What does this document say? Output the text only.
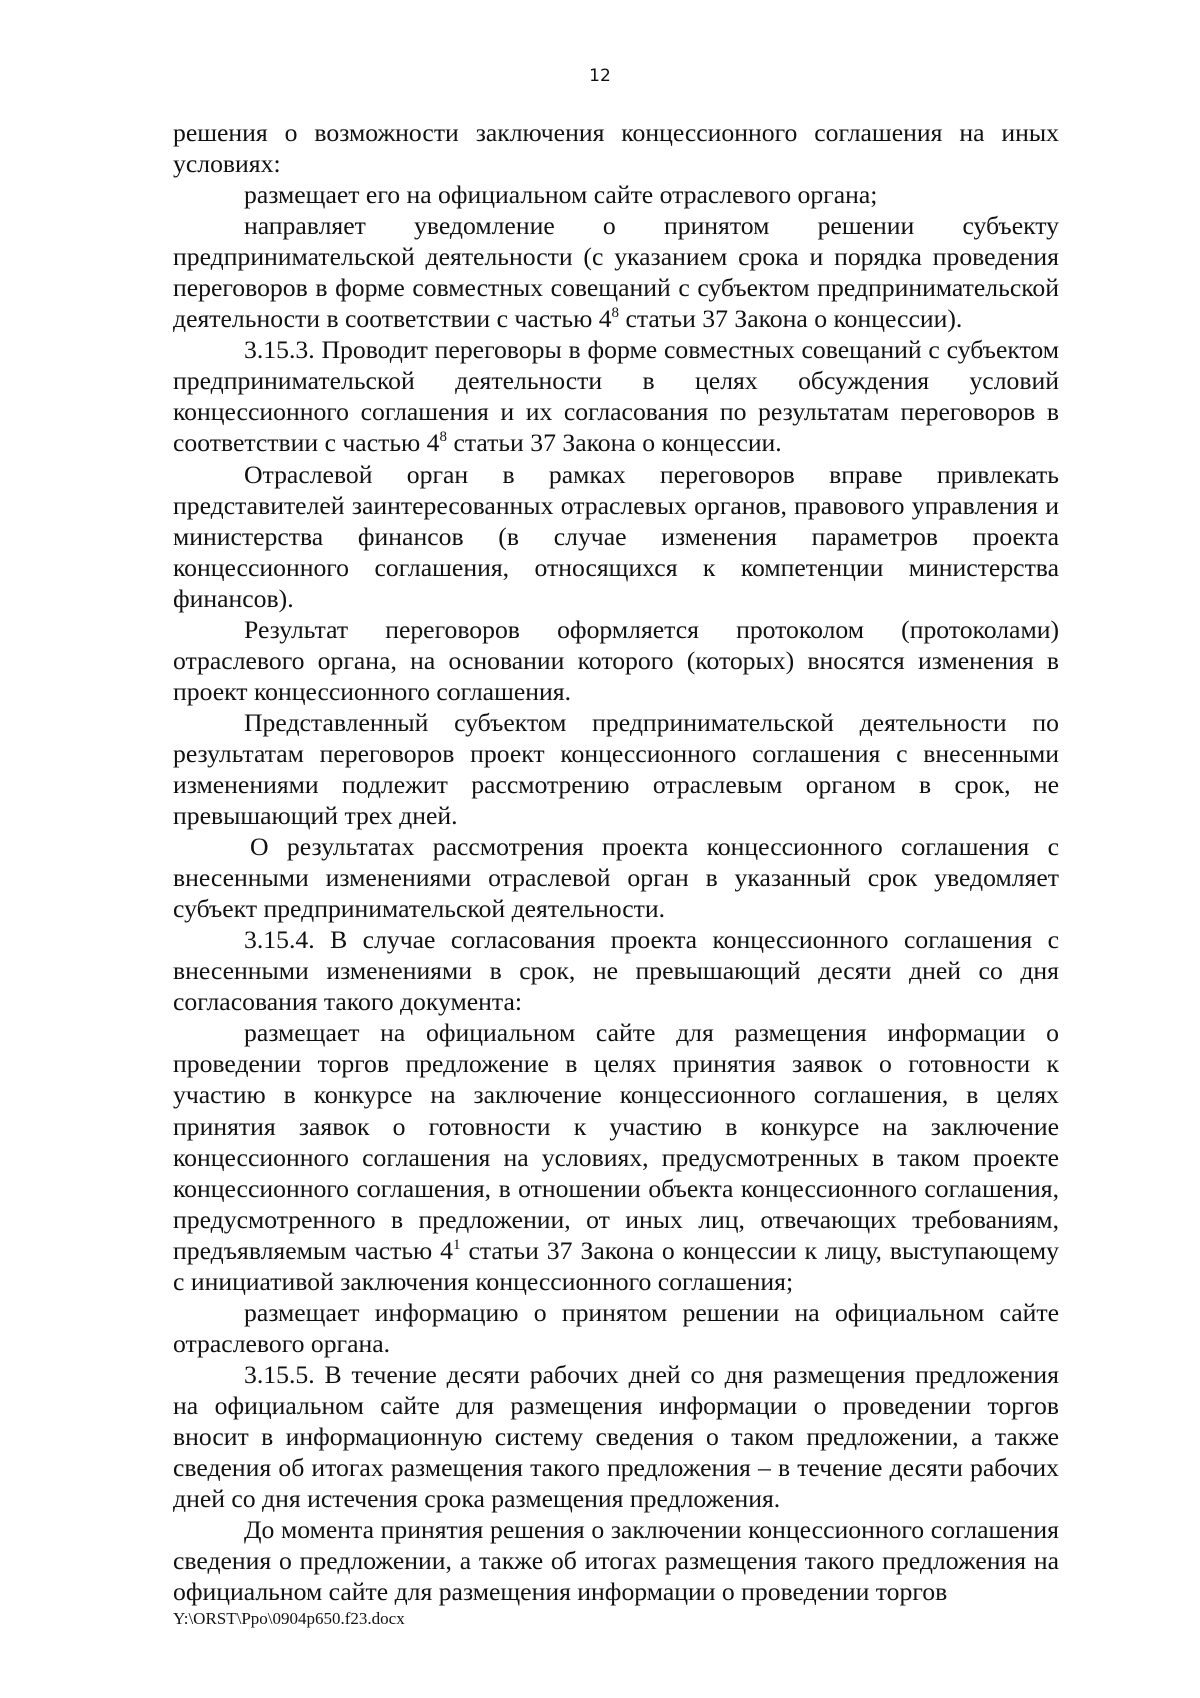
12

решения о возможности заключения концессионного соглашения на иных условиях:

размещает его на официальном сайте отраслевого органа;

направляет уведомление о принятом решении субъекту предпринимательской деятельности (с указанием срока и порядка проведения переговоров в форме совместных совещаний с субъектом предпринимательской деятельности в соответствии с частью $4^8$ статьи 37 Закона о концессии).

3.15.3. Проводит переговоры в форме совместных совещаний с субъектом предпринимательской деятельности в целях обсуждения условий концессионного соглашения и их согласования по результатам переговоров в соответствии с частью $4^8$ статьи 37 Закона о концессии.

Отраслевой орган в рамках переговоров вправе привлекать представителей заинтересованных отраслевых органов, правового управления и министерства финансов (в случае изменения параметров проекта концессионного соглашения, относящихся к компетенции министерства финансов).

Результат переговоров оформляется протоколом (протоколами) отраслевого органа, на основании которого (которых) вносятся изменения в проект концессионного соглашения.

Представленный субъектом предпринимательской деятельности по результатам переговоров проект концессионного соглашения с внесенными изменениями подлежит рассмотрению отраслевым органом в срок, не превышающий трех дней.

О результатах рассмотрения проекта концессионного соглашения с внесенными изменениями отраслевой орган в указанный срок уведомляет субъект предпринимательской деятельности.

3.15.4. В случае согласования проекта концессионного соглашения с внесенными изменениями в срок, не превышающий десяти дней со дня согласования такого документа:

размещает на официальном сайте для размещения информации о проведении торгов предложение в целях принятия заявок о готовности к участию в конкурсе на заключение концессионного соглашения, в целях принятия заявок о готовности к участию в конкурсе на заключение концессионного соглашения на условиях, предусмотренных в таком проекте концессионного соглашения, в отношении объекта концессионного соглашения, предусмотренного в предложении, от иных лиц, отвечающих требованиям, предъявляемым частью $4^1$ статьи 37 Закона о концессии к лицу, выступающему с инициативой заключения концессионного соглашения;

размещает информацию о принятом решении на официальном сайте отраслевого органа.

3.15.5. В течение десяти рабочих дней со дня размещения предложения на официальном сайте для размещения информации о проведении торгов вносит в информационную систему сведения о таком предложении, а также сведения об итогах размещения такого предложения – в течение десяти рабочих дней со дня истечения срока размещения предложения.

До момента принятия решения о заключении концессионного соглашения сведения о предложении, а также об итогах размещения такого предложения на официальном сайте для размещения информации о проведении торгов

Y:\ORST\Ppo\0904p650.f23.docx
